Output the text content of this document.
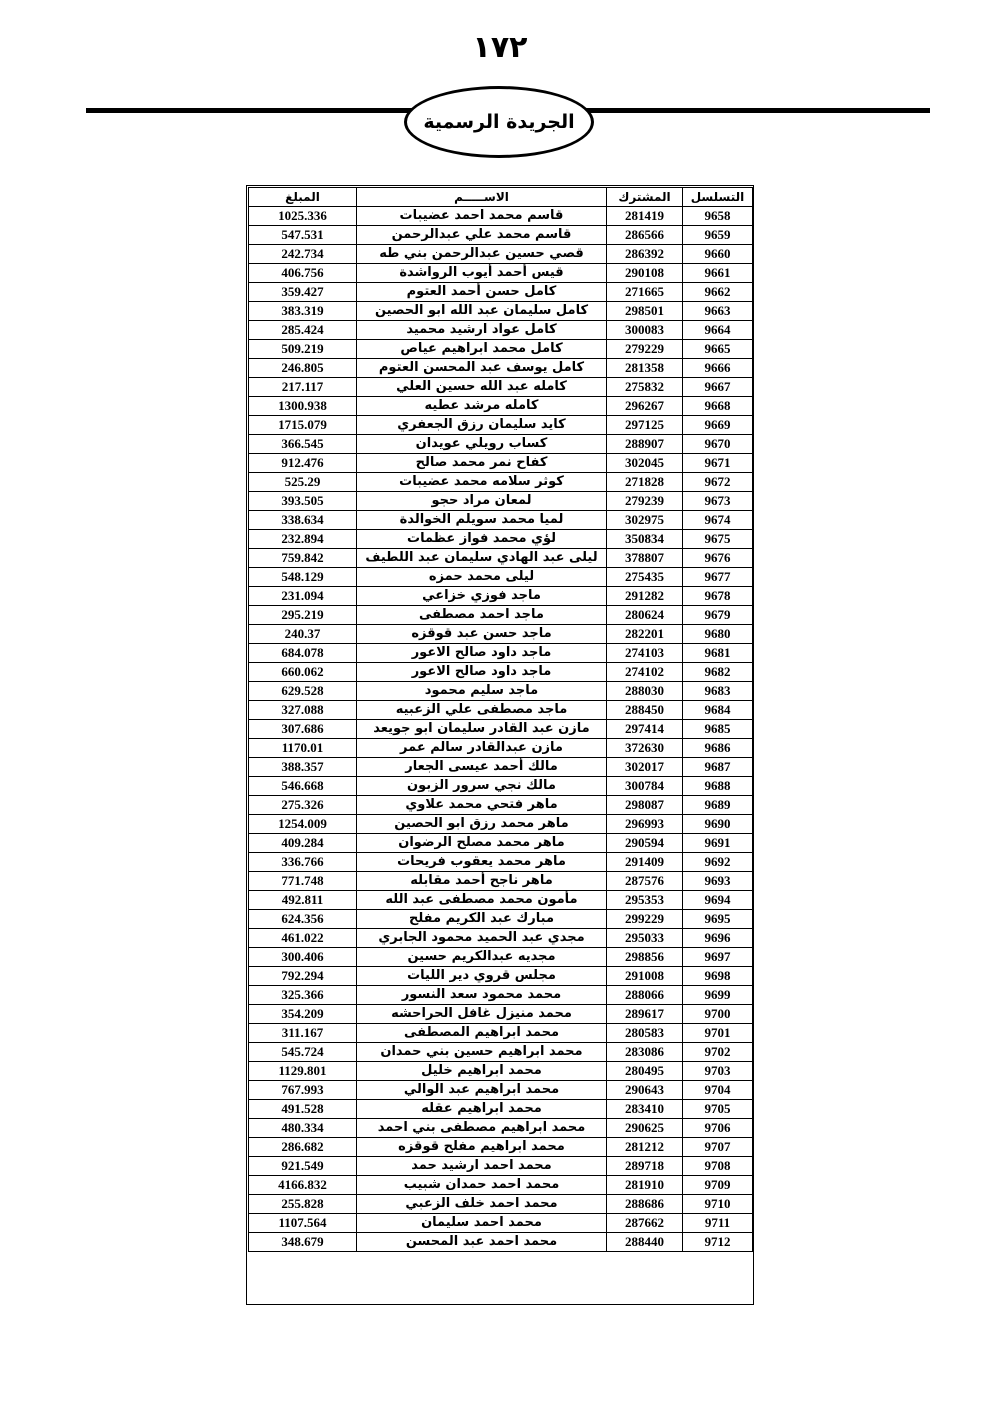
١٧٢
الجريدة الرسمية
التسلسل	المشترك	الاســـــم	المبلغ
9658	281419	قاسم محمد احمد عضيبات	1025.336
9659	286566	قاسم محمد علي عبدالرحمن	547.531
9660	286392	قصي حسين عبدالرحمن بني طه	242.734
9661	290108	قيس أحمد أيوب الرواشدة	406.756
9662	271665	كامل حسن أحمد العتوم	359.427
9663	298501	كامل سليمان عبد الله ابو الحصين	383.319
9664	300083	كامل عواد ارشيد محميد	285.424
9665	279229	كامل محمد ابراهيم عياص	509.219
9666	281358	كامل يوسف عبد المحسن العتوم	246.805
9667	275832	كامله عبد الله حسين العلي	217.117
9668	296267	كامله مرشد عطيه	1300.938
9669	297125	كايد سليمان رزق الجعفري	1715.079
9670	288907	كساب رويلي عويدان	366.545
9671	302045	كفاح نمر محمد صالح	912.476
9672	271828	كوثر سلامه محمد عضيبات	525.29
9673	279239	لمعان مراد حجو	393.505
9674	302975	لميا محمد سويلم الخوالدة	338.634
9675	350834	لؤي محمد فواز عظمات	232.894
9676	378807	ليلى عبد الهادي سليمان عبد اللطيف	759.842
9677	275435	ليلى محمد حمزه	548.129
9678	291282	ماجد فوزي خزاعي	231.094
9679	280624	ماجد احمد مصطفى	295.219
9680	282201	ماجد حسن عبد قوقزه	240.37
9681	274103	ماجد داود صالح الاعور	684.078
9682	274102	ماجد داود صالح الاعور	660.062
9683	288030	ماجد سليم محمود	629.528
9684	288450	ماجد مصطفى علي الزعبيه	327.088
9685	297414	مازن عبد القادر سليمان ابو جويعد	307.686
9686	372630	مازن عبدالقادر سالم عمر	1170.01
9687	302017	مالك أحمد عيسى الجعار	388.357
9688	300784	مالك نجي سرور الزبون	546.668
9689	298087	ماهر فتحي محمد علاوي	275.326
9690	296993	ماهر محمد رزق ابو الحصين	1254.009
9691	290594	ماهر محمد مصلح الرضوان	409.284
9692	291409	ماهر محمد يعقوب فريحات	336.766
9693	287576	ماهر ناجح أحمد مقابله	771.748
9694	295353	مأمون محمد مصطفى عبد الله	492.811
9695	299229	مبارك عبد الكريم مفلح	624.356
9696	295033	مجدي عبد الحميد محمود الجابري	461.022
9697	298856	مجديه عبدالكريم حسين	300.406
9698	291008	مجلس قروي دير الليات	792.294
9699	288066	محمد محمود سعد النسور	325.366
9700	289617	محمد منيزل غافل الحراحشه	354.209
9701	280583	محمد ابراهيم المصطفى	311.167
9702	283086	محمد ابراهيم حسين بني حمدان	545.724
9703	280495	محمد ابراهيم خليل	1129.801
9704	290643	محمد ابراهيم عبد الوالي	767.993
9705	283410	محمد ابراهيم عقله	491.528
9706	290625	محمد ابراهيم مصطفى بني احمد	480.334
9707	281212	محمد ابراهيم مفلح قوقزه	286.682
9708	289718	محمد احمد ارشيد حمد	921.549
9709	281910	محمد احمد حمدان شبيب	4166.832
9710	288686	محمد احمد خلف الزعبي	255.828
9711	287662	محمد احمد سليمان	1107.564
9712	288440	محمد احمد عبد المحسن	348.679
